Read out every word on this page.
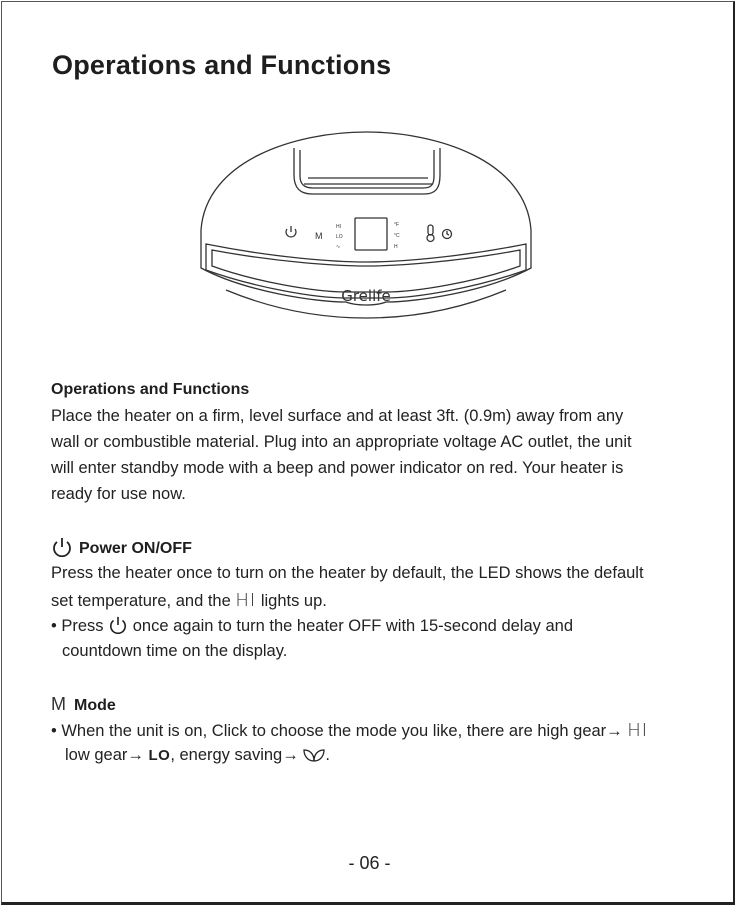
Operations and Functions
M
HI
LO
∿
°F
°C
H
Grelife
Operations and Functions
Place the heater on a firm, level surface and at least 3ft. (0.9m) away from any
wall or combustible material. Plug into an appropriate voltage AC outlet, the unit
will enter standby mode with a beep and power indicator on red. Your heater is
ready for use now.
Power ON/OFF
Press the heater once to turn on the heater by default, the LED shows the default
set temperature, and the HI lights up.
• Press once again to turn the heater OFF with 15-second delay and
countdown time on the display.
M Mode
• When the unit is on, Click to choose the mode you like, there are high gear→ HI
low gear→ LO, energy saving→ .
- 06 -
